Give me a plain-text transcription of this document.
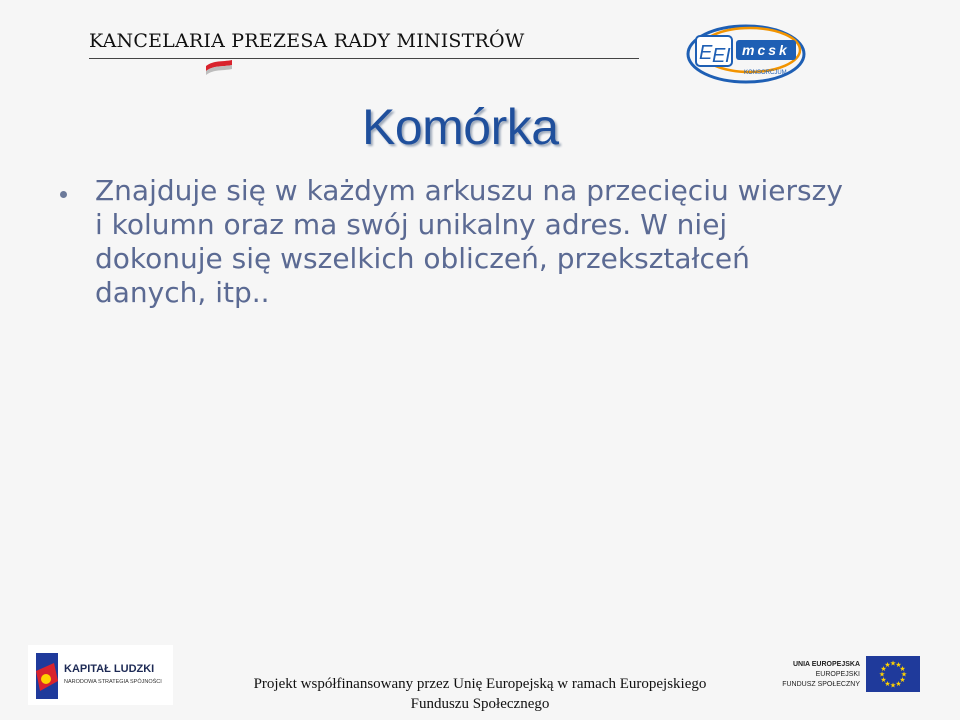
KANCELARIA PREZESA RADY MINISTRÓW
E E I mcsk
KONSORCJUM
Komórka

Znajduje się w każdym arkuszu na przecięciu wierszy
i kolumn oraz ma swój unikalny adres. W niej
dokonuje się wszelkich obliczeń, przekształceń
danych, itp..

KAPITAŁ LUDZKI
NARODOWA STRATEGIA SPÓJNOŚCI	Projekt współfinansowany przez Unię Europejską w ramach Europejskiego
Funduszu Społecznego
UNIA EUROPEJSKA
EUROPEJSKI
FUNDUSZ SPOŁECZNY
★
★
★
★
★
★
★
★
★ ★ ★
★
